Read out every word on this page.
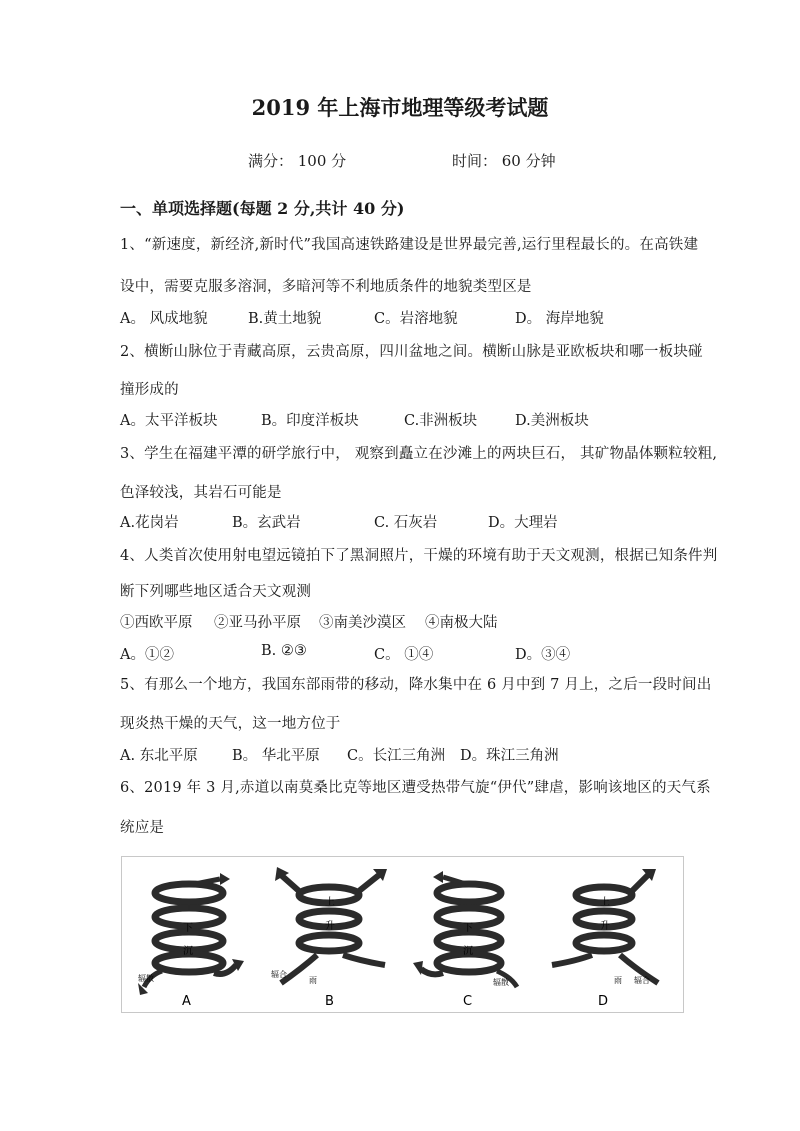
2019 年上海市地理等级考试题
满分： 100 分	时间： 60 分钟
一、单项选择题(每题 2 分,共计 40 分)
1、“新速度，新经济,新时代”我国高速铁路建设是世界最完善,运行里程最长的。在高铁建
设中，需要克服多溶洞，多暗河等不利地质条件的地貌类型区是
A。 风成地貌	B.黄土地貌	C。岩溶地貌	D。 海岸地貌
2、横断山脉位于青藏高原，云贵高原，四川盆地之间。横断山脉是亚欧板块和哪一板块碰
撞形成的
A。太平洋板块	B。印度洋板块	C.非洲板块	D.美洲板块
3、学生在福建平潭的研学旅行中， 观察到矗立在沙滩上的两块巨石， 其矿物晶体颗粒较粗,
色泽较浅，其岩石可能是
A.花岗岩	B。玄武岩	C. 石灰岩	D。大理岩
4、人类首次使用射电望远镜拍下了黑洞照片，干燥的环境有助于天文观测，根据已知条件判
断下列哪些地区适合天文观测
①西欧平原 ②亚马孙平原 ③南美沙漠区 ④南极大陆
A。①②	B. ②③	C。 ①④	D。③④
5、有那么一个地方，我国东部雨带的移动，降水集中在 6 月中到 7 月上，之后一段时间出
现炎热干燥的天气，这一地方位于
A. 东北平原 B。 华北平原 C。长江三角洲 D。珠江三角洲
6、2019 年 3 月,赤道以南莫桑比克等地区遭受热带气旋“伊代”肆虐，影响该地区的天气系
统应是
下
沉
辐散
A
上
升
辐合
雨
B
下
沉
辐散
C
上
升
雨 辐合
D
